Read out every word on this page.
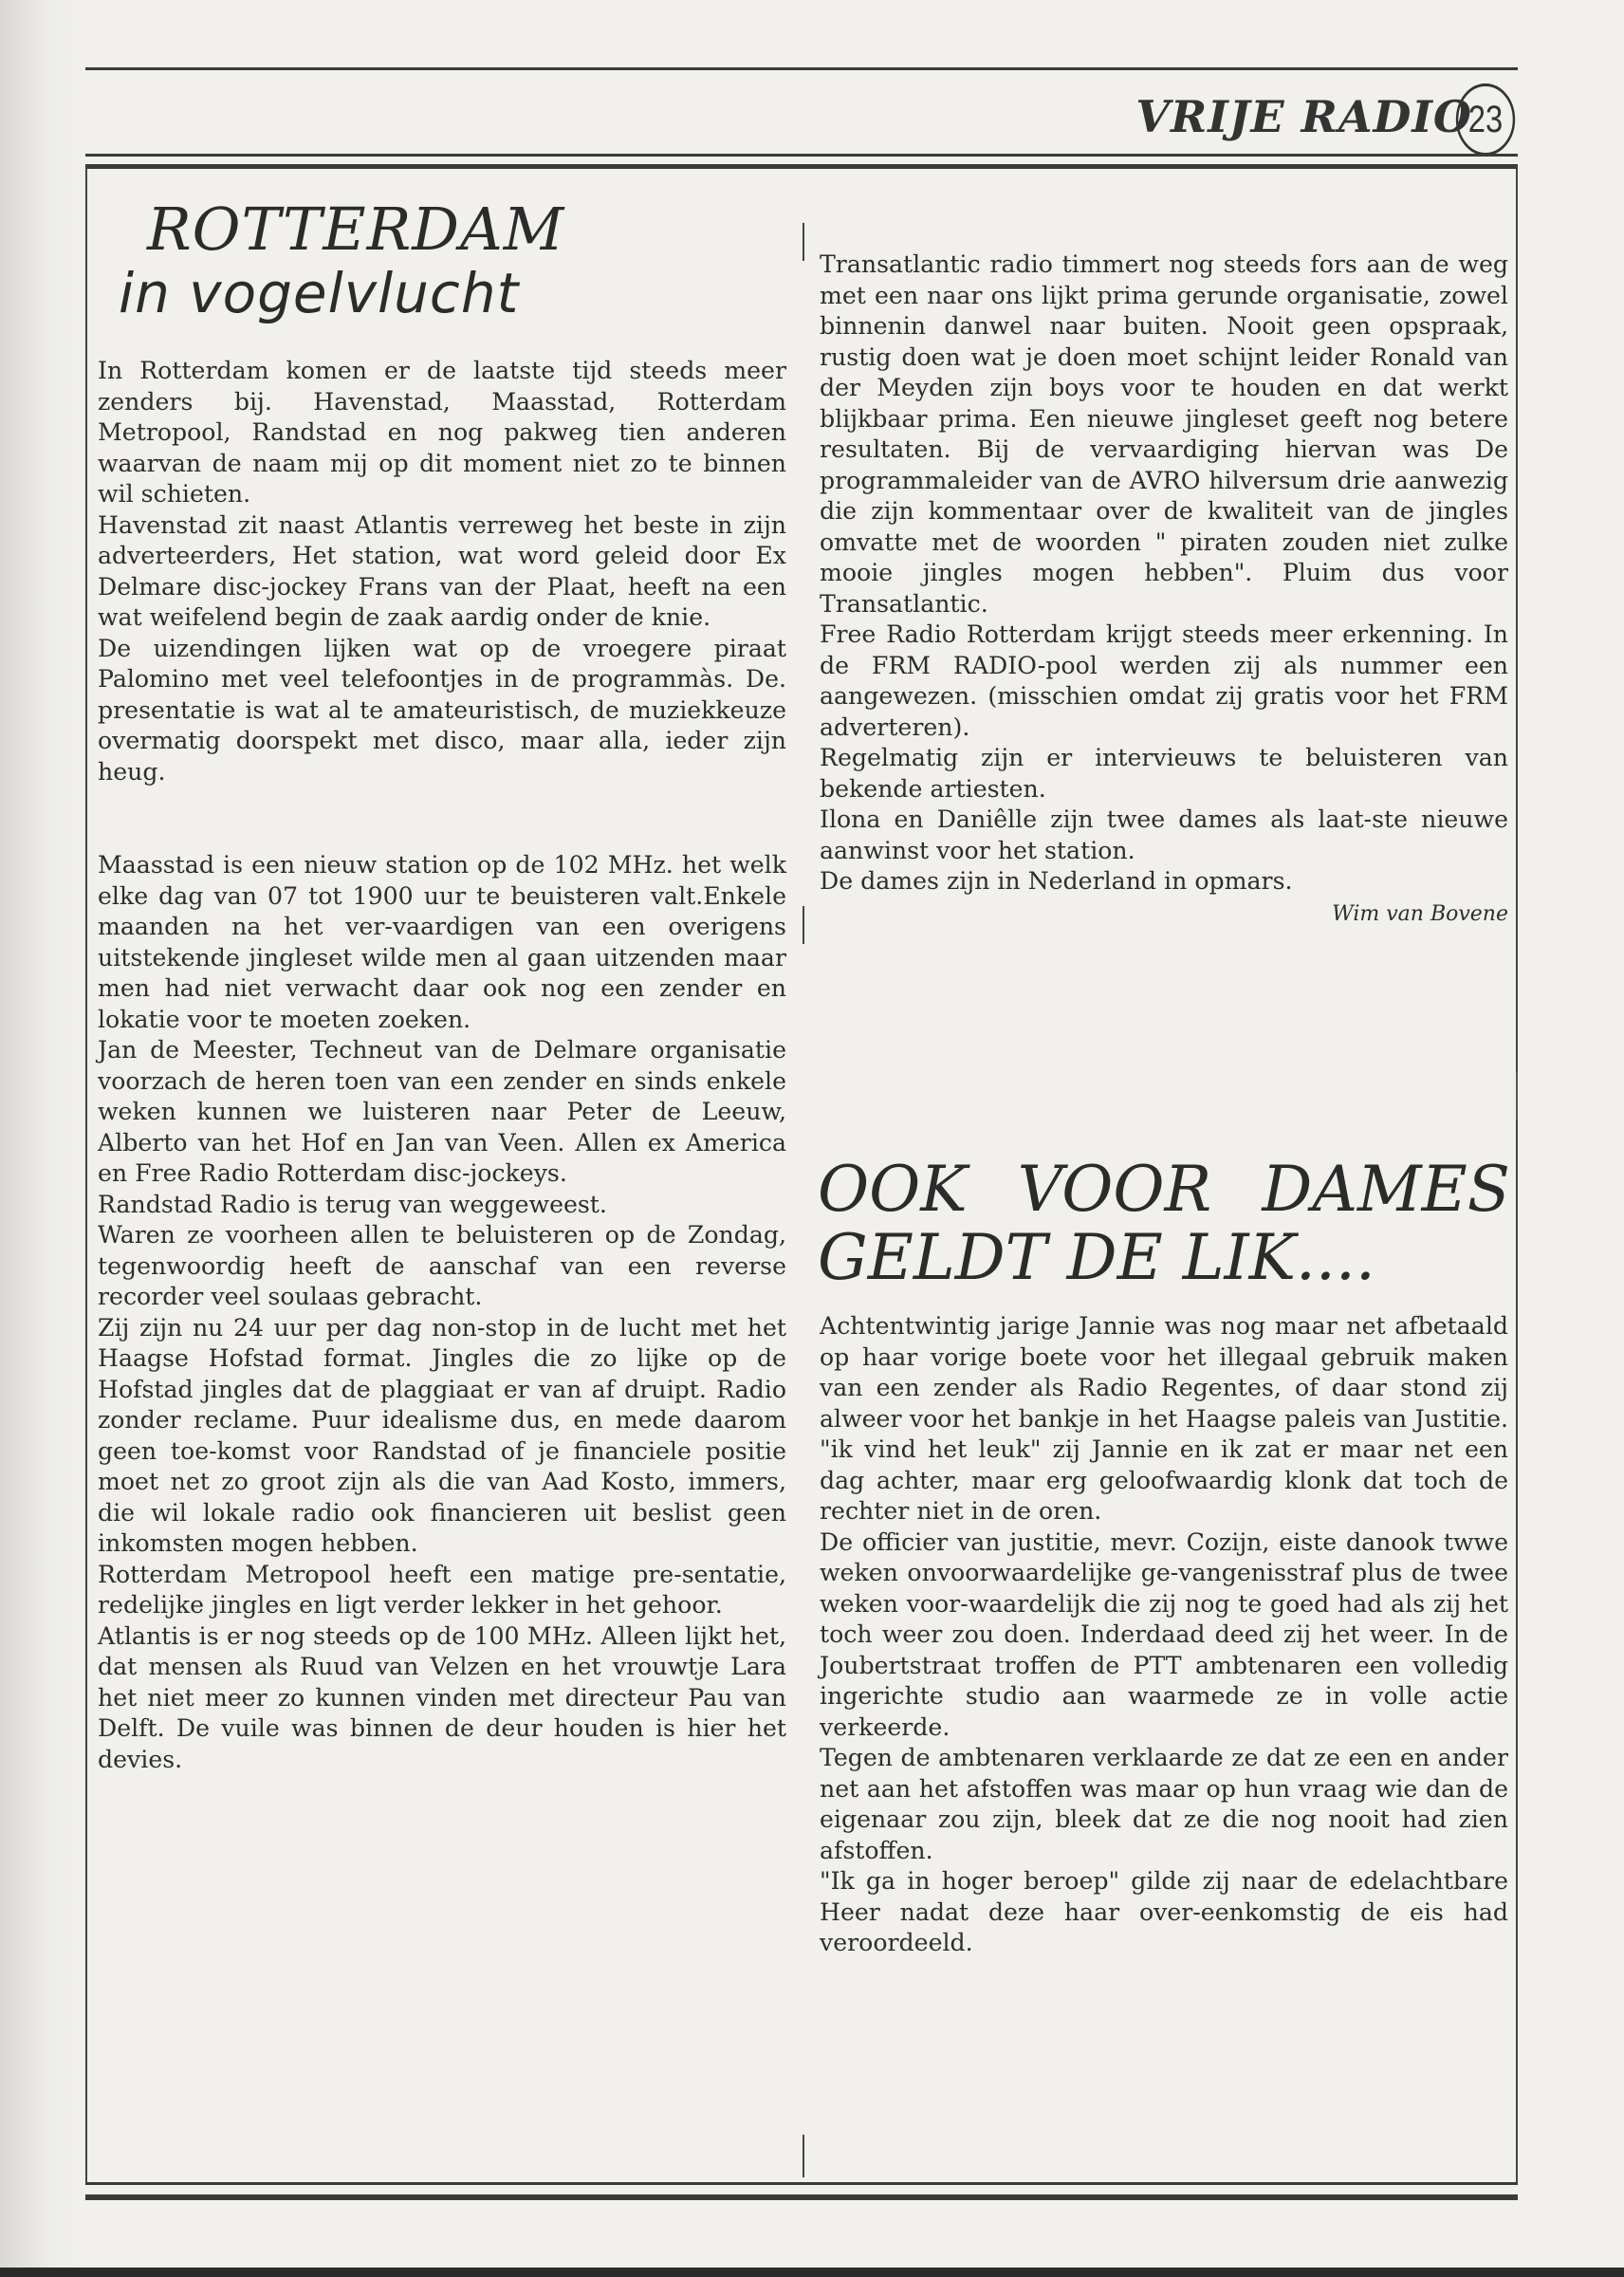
VRIJE RADIO
23
ROTTERDAM
in vogelvlucht

In Rotterdam komen er de laatste tijd steeds meer zenders bij. Havenstad, Maasstad, Rotterdam Metropool, Randstad en nog pakweg tien anderen waarvan de naam mij op dit moment niet zo te binnen wil schieten.

Havenstad zit naast Atlantis verreweg het beste in zijn adverteerders, Het station, wat word geleid door Ex Delmare disc-jockey Frans van der Plaat, heeft na een wat weifelend begin de zaak aardig onder de knie.

De uizendingen lijken wat op de vroegere piraat Palomino met veel telefoontjes in de programmàs. De. presentatie is wat al te amateuristisch, de muziekkeuze overmatig doorspekt met disco, maar alla, ieder zijn heug.

Maasstad is een nieuw station op de 102 MHz. het welk elke dag van 07 tot 1900 uur te beuisteren valt.Enkele maanden na het ver-vaardigen van een overigens uitstekende jingleset wilde men al gaan uitzenden maar men had niet verwacht daar ook nog een zender en lokatie voor te moeten zoeken.

Jan de Meester, Techneut van de Delmare organisatie voorzach de heren toen van een zender en sinds enkele weken kunnen we luisteren naar Peter de Leeuw, Alberto van het Hof en Jan van Veen. Allen ex America en Free Radio Rotterdam disc-jockeys.

Randstad Radio is terug van weggeweest.

Waren ze voorheen allen te beluisteren op de Zondag, tegenwoordig heeft de aanschaf van een reverse recorder veel soulaas gebracht.

Zij zijn nu 24 uur per dag non-stop in de lucht met het Haagse Hofstad format. Jingles die zo lijke op de Hofstad jingles dat de plaggiaat er van af druipt. Radio zonder reclame. Puur idealisme dus, en mede daarom geen toe-komst voor Randstad of je financiele positie moet net zo groot zijn als die van Aad Kosto, immers, die wil lokale radio ook financieren uit beslist geen inkomsten mogen hebben.

Rotterdam Metropool heeft een matige pre-sentatie, redelijke jingles en ligt verder lekker in het gehoor.

Atlantis is er nog steeds op de 100 MHz. Alleen lijkt het, dat mensen als Ruud van Velzen en het vrouwtje Lara het niet meer zo kunnen vinden met directeur Pau van Delft. De vuile was binnen de deur houden is hier het devies.

Transatlantic radio timmert nog steeds fors aan de weg met een naar ons lijkt prima gerunde organisatie, zowel binnenin danwel naar buiten. Nooit geen opspraak, rustig doen wat je doen moet schijnt leider Ronald van der Meyden zijn boys voor te houden en dat werkt blijkbaar prima. Een nieuwe jingleset geeft nog betere resultaten. Bij de vervaardiging hiervan was De programmaleider van de AVRO hilversum drie aanwezig die zijn kommentaar over de kwaliteit van de jingles omvatte met de woorden " piraten zouden niet zulke mooie jingles mogen hebben". Pluim dus voor Transatlantic.

Free Radio Rotterdam krijgt steeds meer erkenning. In de FRM RADIO-pool werden zij als nummer een aangewezen. (misschien omdat zij gratis voor het FRM adverteren).

Regelmatig zijn er intervieuws te beluisteren van bekende artiesten.

Ilona en Daniêlle zijn twee dames als laat-ste nieuwe aanwinst voor het station.

De dames zijn in Nederland in opmars.

Wim van Bovene
OOK VOOR DAMES
GELDT DE LIK....

Achtentwintig jarige Jannie was nog maar net afbetaald op haar vorige boete voor het illegaal gebruik maken van een zender als Radio Regentes, of daar stond zij alweer voor het bankje in het Haagse paleis van Justitie. "ik vind het leuk" zij Jannie en ik zat er maar net een dag achter, maar erg geloofwaardig klonk dat toch de rechter niet in de oren.

De officier van justitie, mevr. Cozijn, eiste danook twwe weken onvoorwaardelijke ge-vangenisstraf plus de twee weken voor-waardelijk die zij nog te goed had als zij het toch weer zou doen. Inderdaad deed zij het weer. In de Joubertstraat troffen de PTT ambtenaren een volledig ingerichte studio aan waarmede ze in volle actie verkeerde.

Tegen de ambtenaren verklaarde ze dat ze een en ander net aan het afstoffen was maar op hun vraag wie dan de eigenaar zou zijn, bleek dat ze die nog nooit had zien afstoffen.

"Ik ga in hoger beroep" gilde zij naar de edelachtbare Heer nadat deze haar over-eenkomstig de eis had veroordeeld.
